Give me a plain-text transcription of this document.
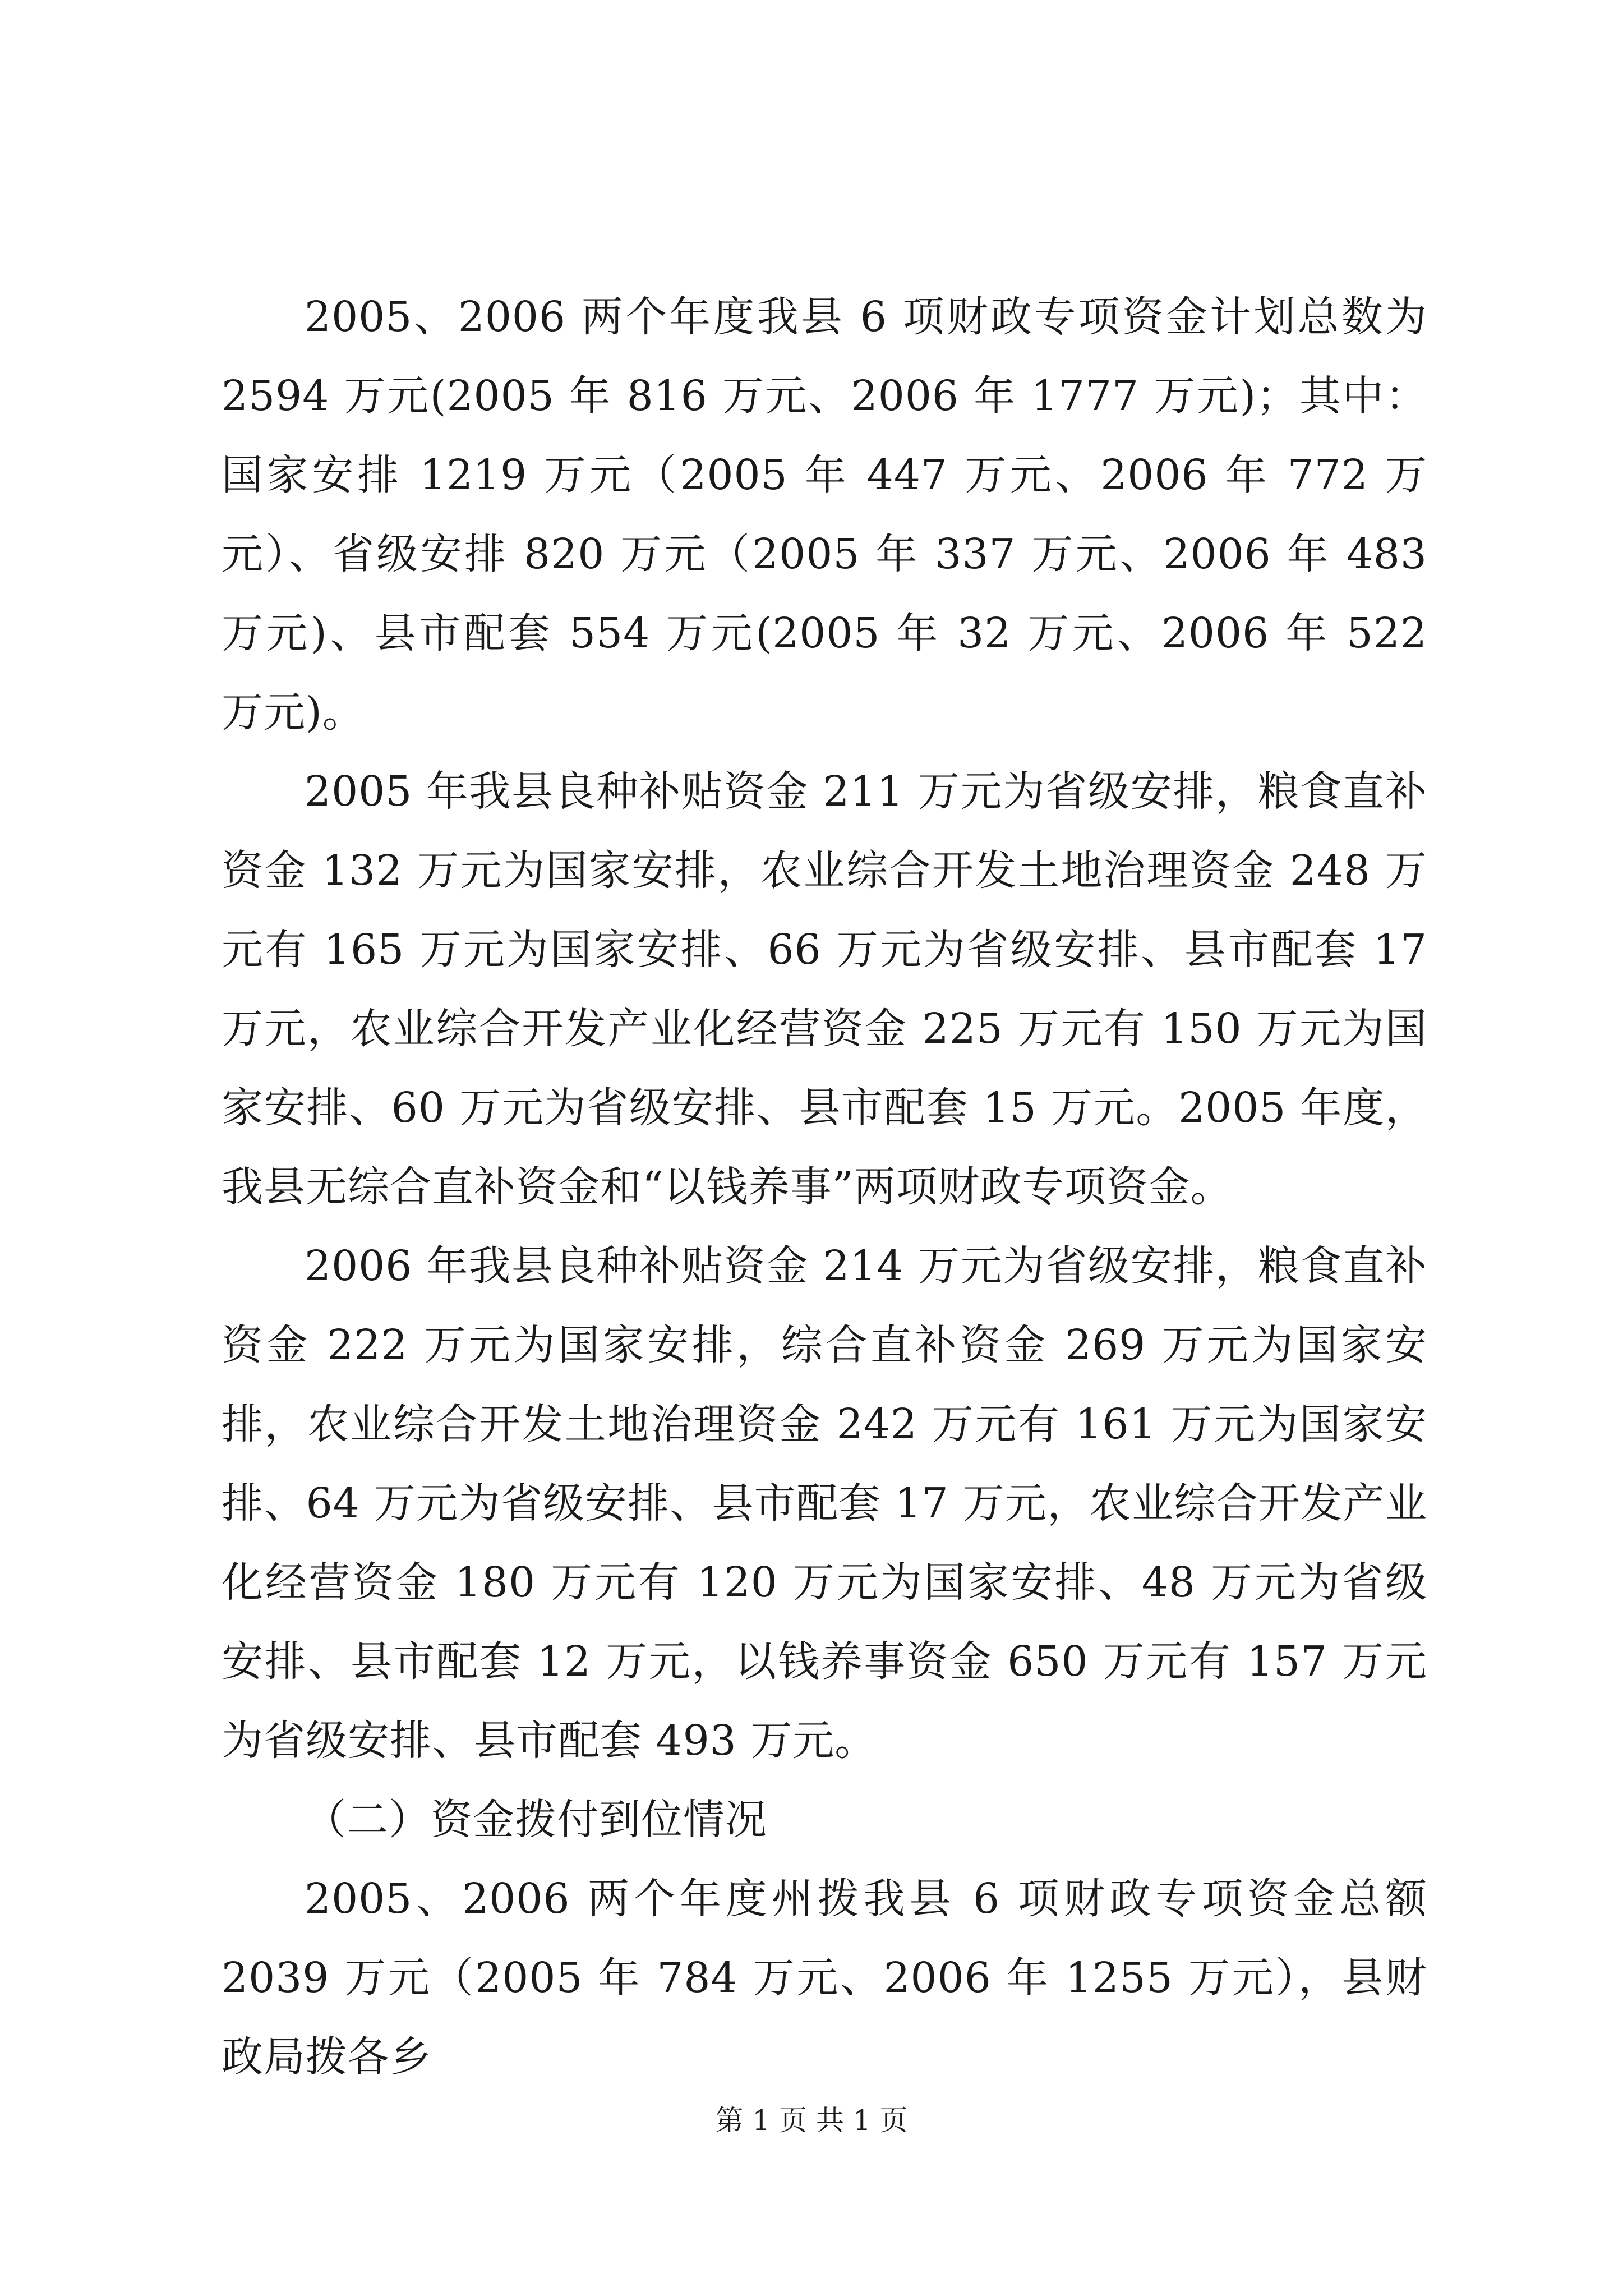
2005、2006 两个年度我县 6 项财政专项资金计划总数为 2594 万元(2005 年 816 万元、2006 年 1777 万元)；其中：国家安排 1219 万元（2005 年 447 万元、2006 年 772 万元）、省级安排 820 万元（2005 年 337 万元、2006 年 483 万元)、县市配套 554 万元(2005 年 32 万元、2006 年 522 万元)。

2005 年我县良种补贴资金 211 万元为省级安排，粮食直补资金 132 万元为国家安排，农业综合开发土地治理资金 248 万元有 165 万元为国家安排、66 万元为省级安排、县市配套 17 万元，农业综合开发产业化经营资金 225 万元有 150 万元为国家安排、60 万元为省级安排、县市配套 15 万元。2005 年度，我县无综合直补资金和“以钱养事”两项财政专项资金。

2006 年我县良种补贴资金 214 万元为省级安排，粮食直补资金 222 万元为国家安排，综合直补资金 269 万元为国家安排，农业综合开发土地治理资金 242 万元有 161 万元为国家安排、64 万元为省级安排、县市配套 17 万元，农业综合开发产业化经营资金 180 万元有 120 万元为国家安排、48 万元为省级安排、县市配套 12 万元，以钱养事资金 650 万元有 157 万元为省级安排、县市配套 493 万元。

（二）资金拨付到位情况

2005、2006 两个年度州拨我县 6 项财政专项资金总额 2039 万元（2005 年 784 万元、2006 年 1255 万元），县财政局拨各乡

第 1 页 共 1 页
